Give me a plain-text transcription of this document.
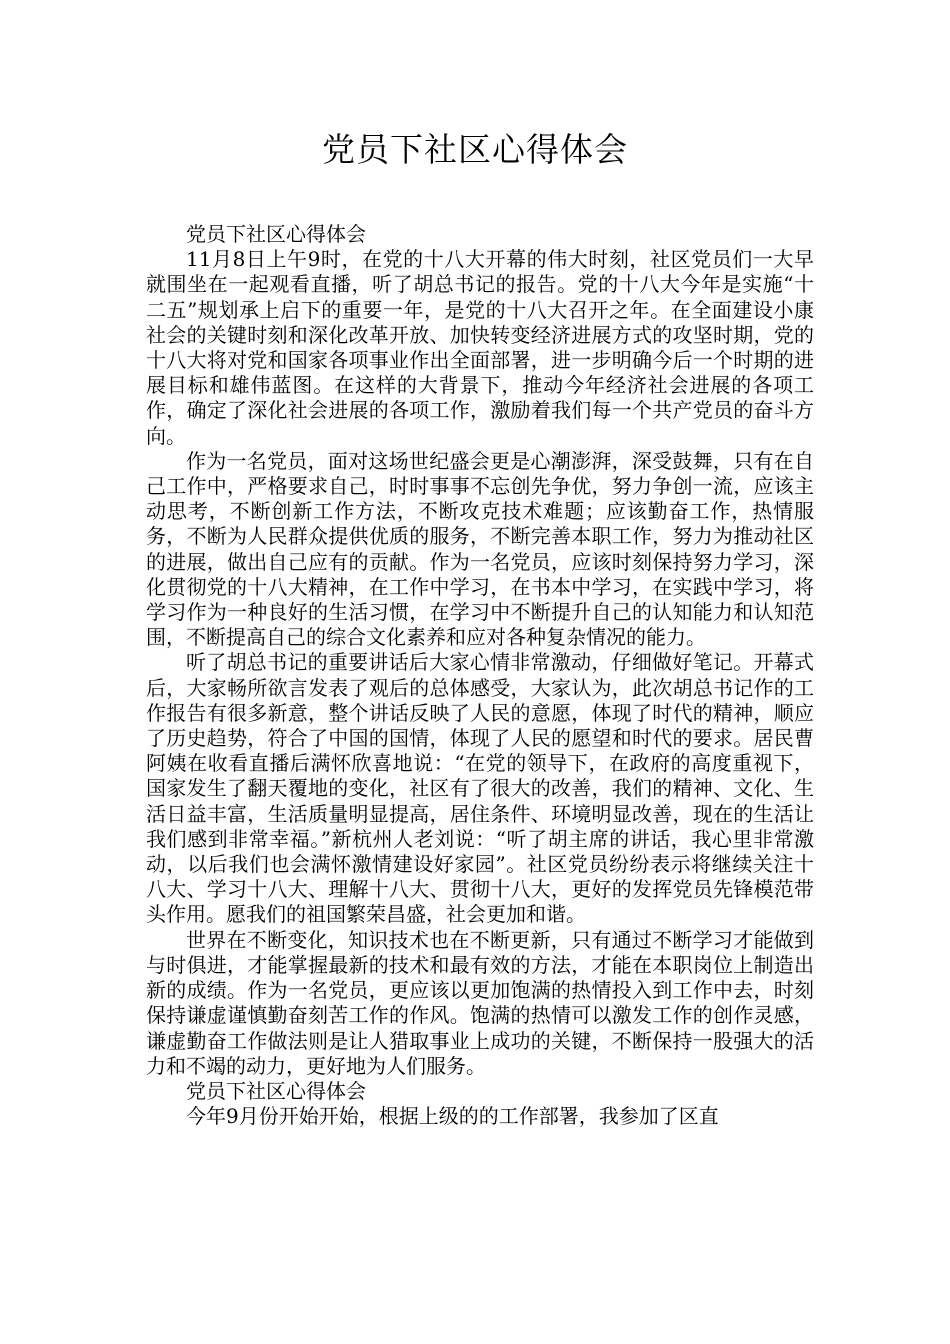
党员下社区心得体会

党员下社区心得体会

11月8日上午9时，在党的十八大开幕的伟大时刻，社区党员们一大早就围坐在一起观看直播，听了胡总书记的报告。党的十八大今年是实施“十二五”规划承上启下的重要一年，是党的十八大召开之年。在全面建设小康社会的关键时刻和深化改革开放、加快转变经济进展方式的攻坚时期，党的十八大将对党和国家各项事业作出全面部署，进一步明确今后一个时期的进展目标和雄伟蓝图。在这样的大背景下，推动今年经济社会进展的各项工作，确定了深化社会进展的各项工作，激励着我们每一个共产党员的奋斗方向。

作为一名党员，面对这场世纪盛会更是心潮澎湃，深受鼓舞，只有在自己工作中，严格要求自己，时时事事不忘创先争优，努力争创一流，应该主动思考，不断创新工作方法，不断攻克技术难题；应该勤奋工作，热情服务，不断为人民群众提供优质的服务，不断完善本职工作，努力为推动社区的进展，做出自己应有的贡献。作为一名党员，应该时刻保持努力学习，深化贯彻党的十八大精神，在工作中学习，在书本中学习，在实践中学习，将学习作为一种良好的生活习惯，在学习中不断提升自己的认知能力和认知范围，不断提高自己的综合文化素养和应对各种复杂情况的能力。

听了胡总书记的重要讲话后大家心情非常激动，仔细做好笔记。开幕式后，大家畅所欲言发表了观后的总体感受，大家认为，此次胡总书记作的工作报告有很多新意，整个讲话反映了人民的意愿，体现了时代的精神，顺应了历史趋势，符合了中国的国情，体现了人民的愿望和时代的要求。居民曹阿姨在收看直播后满怀欣喜地说：“在党的领导下，在政府的高度重视下，国家发生了翻天覆地的变化，社区有了很大的改善，我们的精神、文化、生活日益丰富，生活质量明显提高，居住条件、环境明显改善，现在的生活让我们感到非常幸福。”新杭州人老刘说：“听了胡主席的讲话，我心里非常激动，以后我们也会满怀激情建设好家园”。社区党员纷纷表示将继续关注十八大、学习十八大、理解十八大、贯彻十八大，更好的发挥党员先锋模范带头作用。愿我们的祖国繁荣昌盛，社会更加和谐。

世界在不断变化，知识技术也在不断更新，只有通过不断学习才能做到与时俱进，才能掌握最新的技术和最有效的方法，才能在本职岗位上制造出新的成绩。作为一名党员，更应该以更加饱满的热情投入到工作中去，时刻保持谦虚谨慎勤奋刻苦工作的作风。饱满的热情可以激发工作的创作灵感，谦虚勤奋工作做法则是让人猎取事业上成功的关键，不断保持一股强大的活力和不竭的动力，更好地为人们服务。

党员下社区心得体会

今年9月份开始开始，根据上级的的工作部署，我参加了区直
